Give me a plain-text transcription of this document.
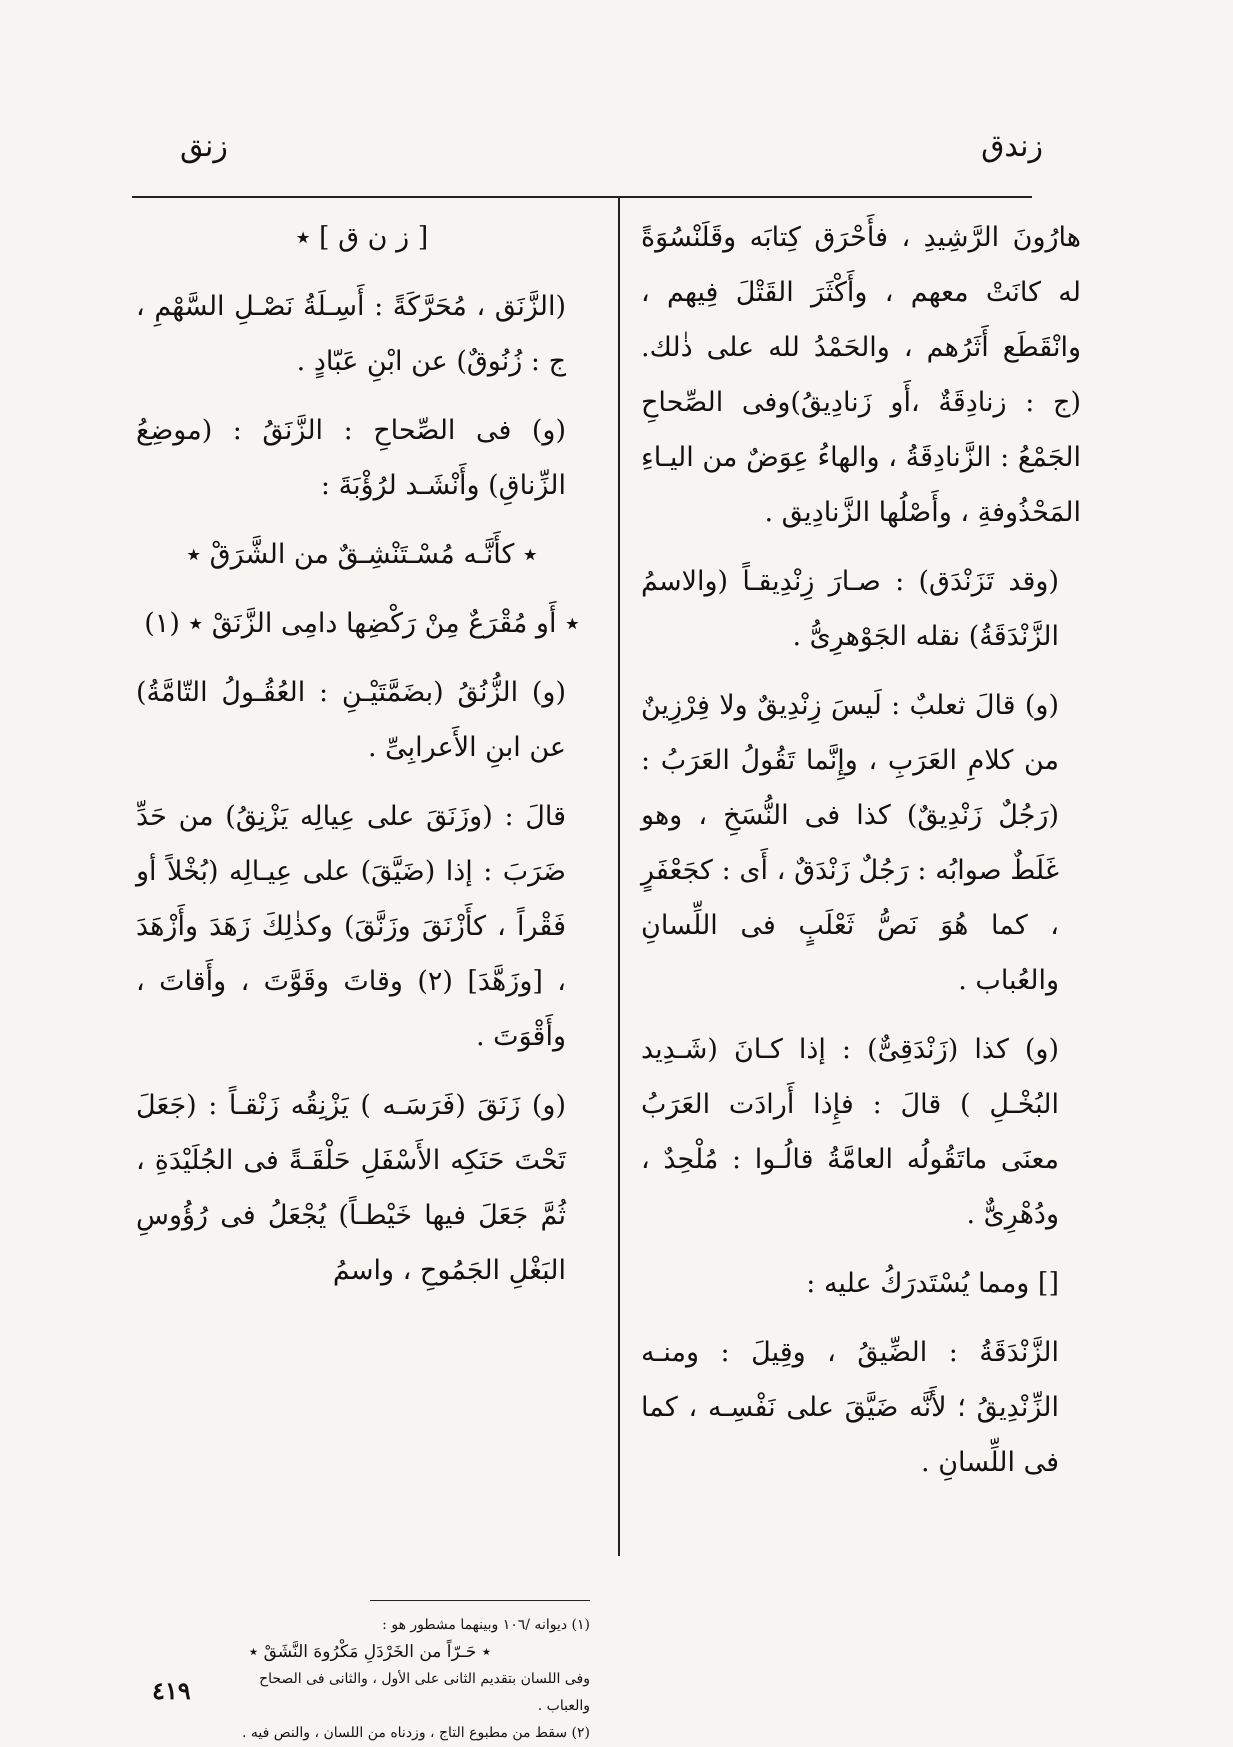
زندق
زنق

هارُونَ الرَّشِيدِ ، فأَحْرَق كِتابَه وقَلَنْسُوَةً له كانَتْ معهم ، وأَكْثَرَ القَتْلَ فِيهم ، وانْقَطَع أَثَرُهم ، والحَمْدُ لله على ذٰلك. (ج : زنادِقَةٌ ،أَو زَنادِيقُ)وفى الصِّحاحِ الجَمْعُ : الزَّنادِقَةُ ، والهاءُ عِوَضٌ من اليـاءِ المَحْذُوفةِ ، وأَصْلُها الزَّنادِيق .

(وقد تَزَنْدَق) : صـارَ زِنْدِيقـاً (والاسمُ الزَّنْدَقَةُ) نقله الجَوْهرِىُّ .

(و) قالَ ثعلبٌ : لَيسَ زِنْدِيقٌ ولا فِرْزِينٌ من كلامِ العَرَبِ ، وإِنَّما تَقُولُ العَرَبُ : (رَجُلٌ زَنْدِيقٌ) كذا فى النُّسَخِ ، وهو غَلَطٌ صوابُه : رَجُلٌ زَنْدَقٌ ، أَى : كجَعْفَرٍ ، كما هُوَ نَصُّ ثَعْلَبٍ فى اللِّسانِ والعُباب .

(و) كذا (زَنْدَقِىٌّ) : إذا كـانَ (شَـدِيد البُخْـلِ ) قالَ : فإِذا أَرادَت العَرَبُ معنَى ماتَقُولُه العامَّةُ قالُـوا : مُلْحِدٌ ، ودُهْرِىٌّ .

[] ومما يُسْتَدرَكُ عليه :

الزَّنْدَقَةُ : الضِّيقُ ، وقِيلَ : ومنـه الزِّنْدِيقُ ؛ لأَنَّه ضَيَّقَ على نَفْسِـه ، كما فى اللِّسانِ .

[ ز ن ق ] ٭

(الزَّنَق ، مُحَرَّكَةً : أَسِـلَةُ نَصْـلِ السَّهْمِ ، ج : زُنُوقٌ) عن ابْنِ عَبّادٍ .

(و) فى الصِّحاحِ : الزَّنَقُ : (موضِعُ الزِّناقِ) وأَنْشَـد لرُؤْبَةَ :

٭ كأَنَّـه مُسْـتَنْشِـقٌ من الشَّرَقْ ٭

٭ أَو مُقْرَعٌ مِنْ رَكْضِها دامِى الزَّنَقْ ٭ (١)

(و) الزُّنُقُ (بضَمَّتَيْـنِ : العُقُـولُ التّامَّةُ) عن ابنِ الأَعرابِىِّ .

قالَ : (وزَنَقَ على عِيالِه يَزْنِقُ) من حَدِّ ضَرَبَ : إذا (ضَيَّقَ) على عِيـالِه (بُخْلاً أو فَقْراً ، كأَزْنَقَ وزَنَّقَ) وكذٰلِكَ زَهَدَ وأَزْهَدَ ، [وزَهَّدَ] (٢) وقاتَ وقَوَّتَ ، وأَقاتَ ، وأَقْوَتَ .

(و) زَنَقَ (فَرَسَـه ) يَزْنِقُه زَنْقـاً : (جَعَلَ تَحْتَ حَنَكِه الأَسْفَلِ حَلْقَـةً فى الجُلَيْدَةِ ، ثُمَّ جَعَلَ فيها خَيْطـاً) يُجْعَلُ فى رُؤُوسِ البَغْلِ الجَمُوحِ ، واسمُ

(١) ديوانه /١٠٦ وبينهما مشطور هو :
٭ حَـرّاً من الخَرْدَلِ مَكْرُوهَ النَّشَقْ ٭
وفى اللسان بتقديم الثانى على الأول ، والثانى فى الصحاح
والعباب .
(٢) سقط من مطبوع التاج ، وزدناه من اللسان ، والنص فيه .
٤١٩
